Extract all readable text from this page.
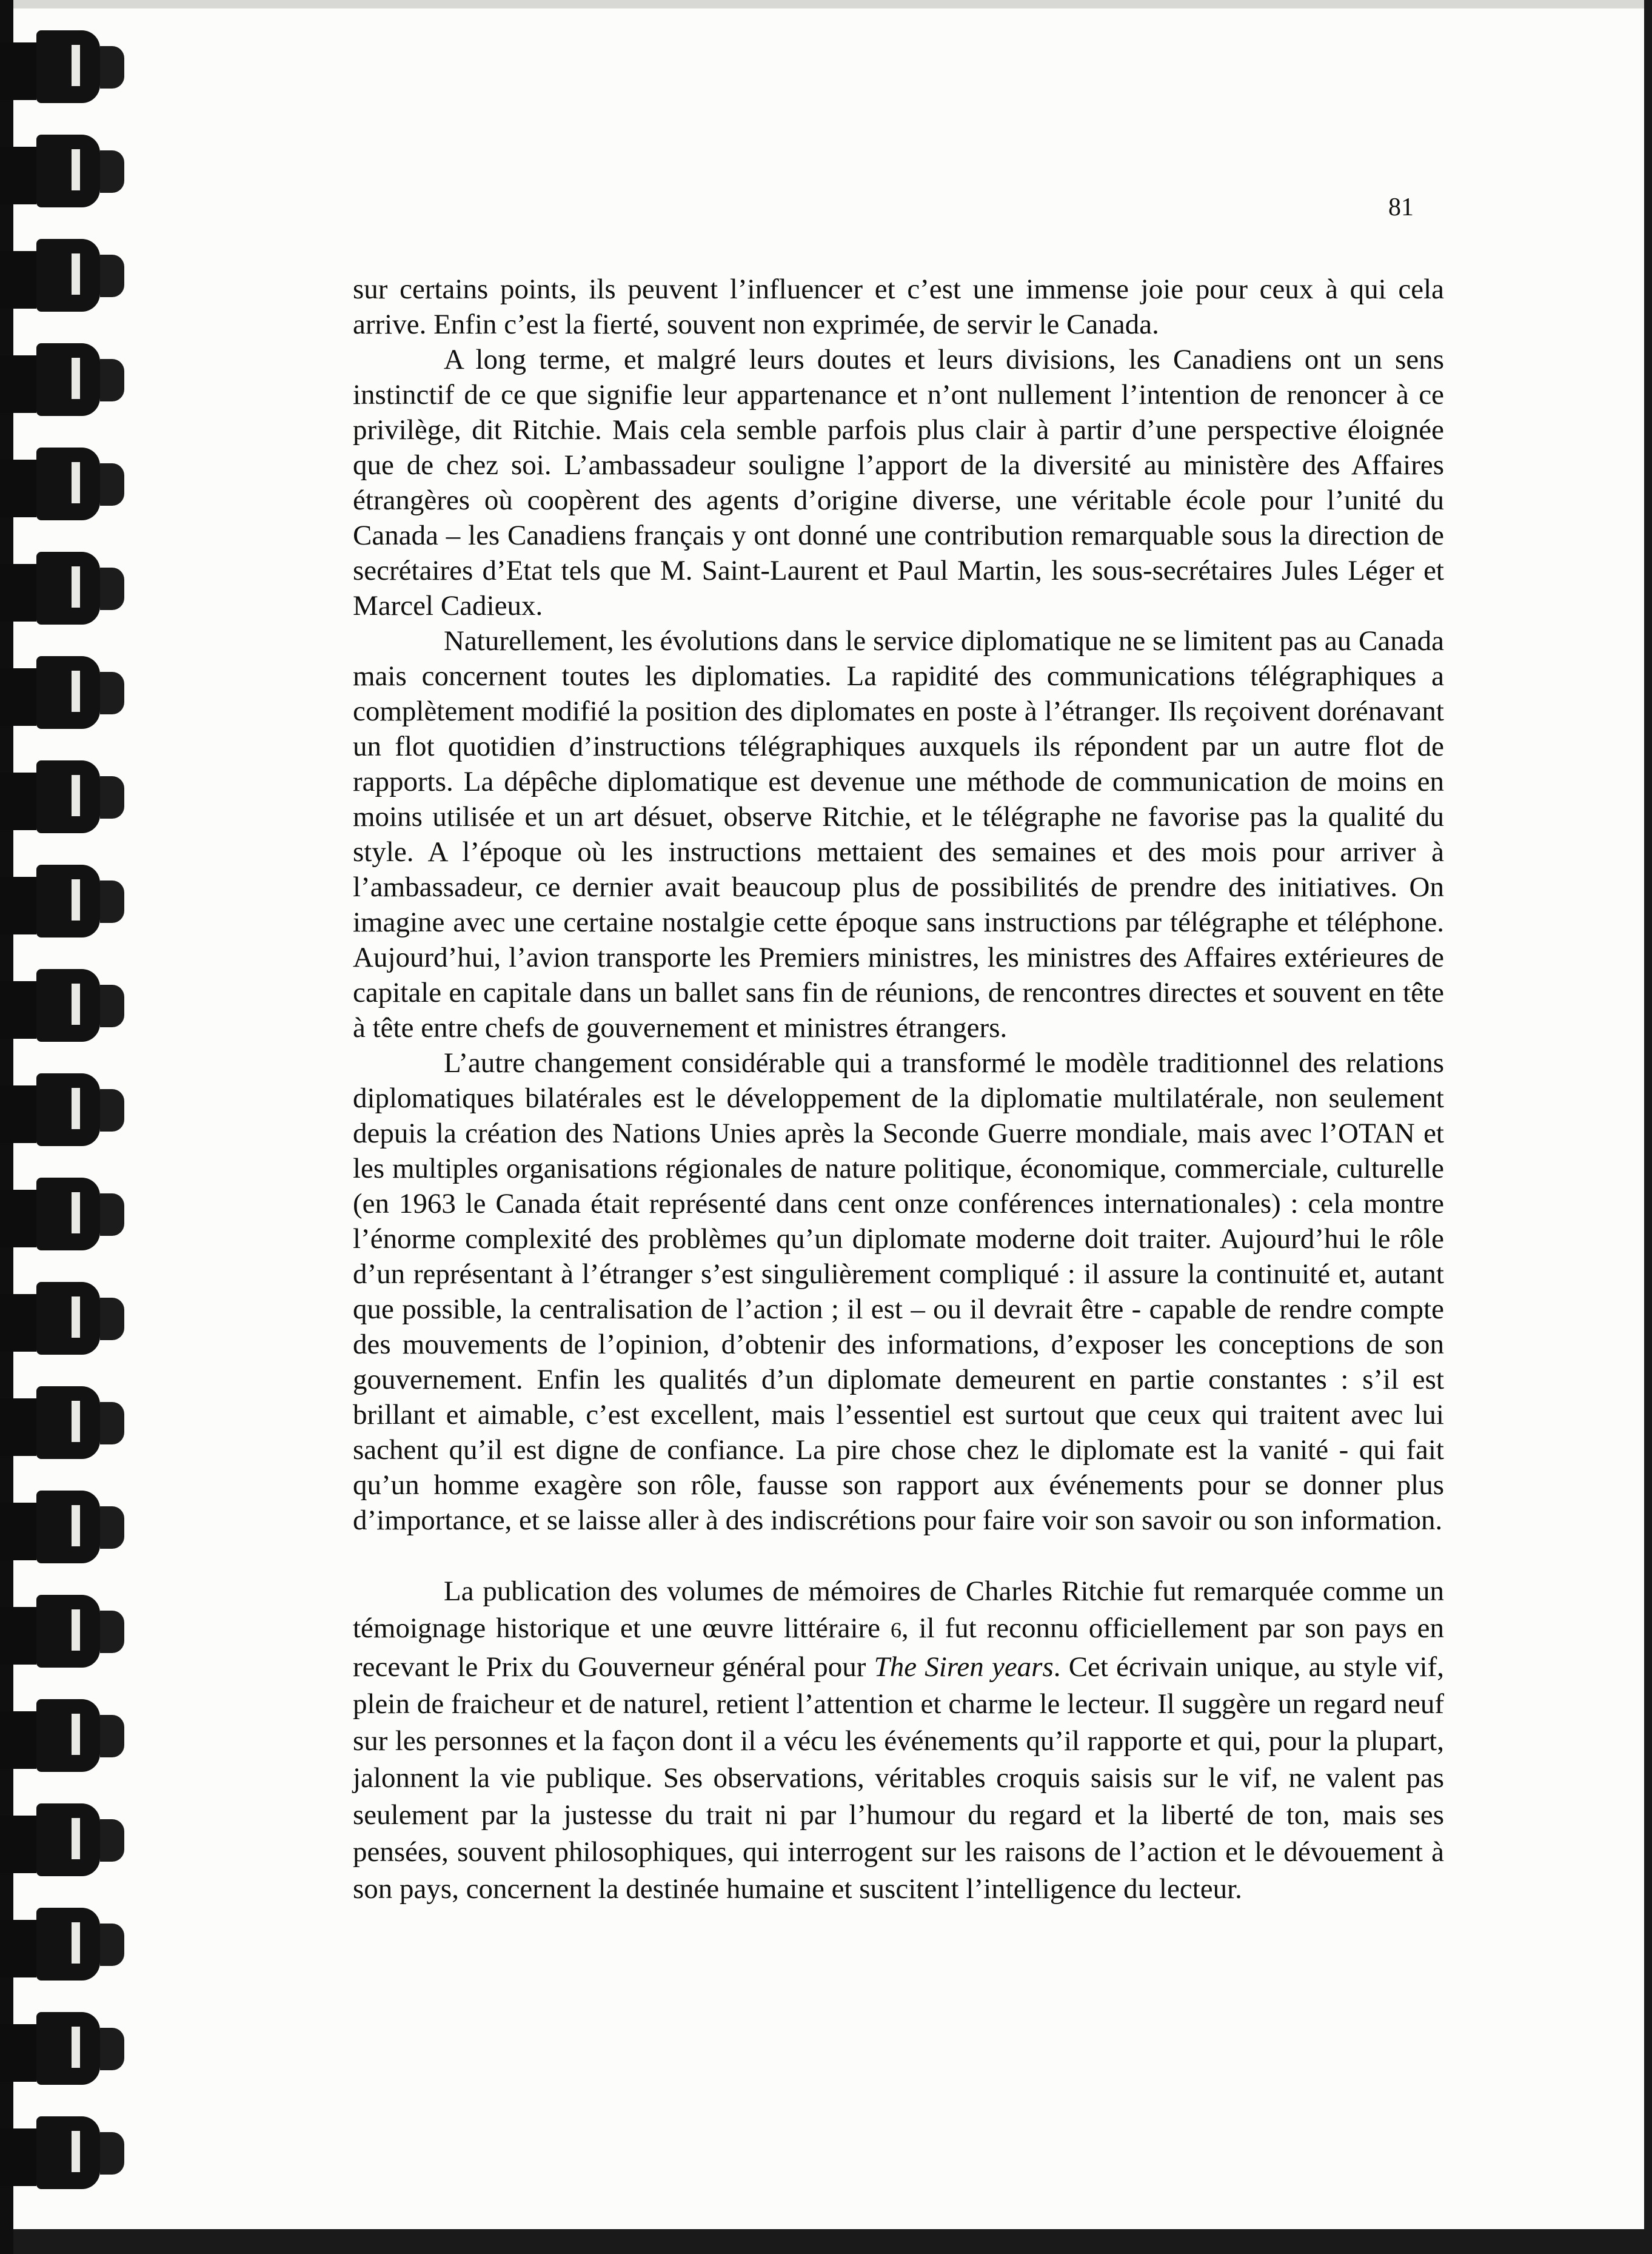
81

sur certains points, ils peuvent l’influencer et c’est une immense joie pour ceux à qui cela arrive. Enfin c’est la fierté, souvent non exprimée, de servir le Canada.

A long terme, et malgré leurs doutes et leurs divisions, les Canadiens ont un sens instinctif de ce que signifie leur appartenance et n’ont nullement l’intention de renoncer à ce privilège, dit Ritchie. Mais cela semble parfois plus clair à partir d’une perspective éloignée que de chez soi. L’ambassadeur souligne l’apport de la diversité au ministère des Affaires étrangères où coopèrent des agents d’origine diverse, une véritable école pour l’unité du Canada – les Canadiens français y ont donné une contribution remarquable sous la direction de secrétaires d’Etat tels que M. Saint-Laurent et Paul Martin, les sous-secrétaires Jules Léger et Marcel Cadieux.

Naturellement, les évolutions dans le service diplomatique ne se limitent pas au Canada mais concernent toutes les diplomaties. La rapidité des communications télégraphiques a complètement modifié la position des diplomates en poste à l’étranger. Ils reçoivent dorénavant un flot quotidien d’instructions télégraphiques auxquels ils répondent par un autre flot de rapports. La dépêche diplomatique est devenue une méthode de communication de moins en moins utilisée et un art désuet, observe Ritchie, et le télégraphe ne favorise pas la qualité du style. A l’époque où les instructions mettaient des semaines et des mois pour arriver à l’ambassadeur, ce dernier avait beaucoup plus de possibilités de prendre des initiatives. On imagine avec une certaine nostalgie cette époque sans instructions par télégraphe et téléphone. Aujourd’hui, l’avion transporte les Premiers ministres, les ministres des Affaires extérieures de capitale en capitale dans un ballet sans fin de réunions, de rencontres directes et souvent en tête à tête entre chefs de gouvernement et ministres étrangers.

L’autre changement considérable qui a transformé le modèle traditionnel des relations diplomatiques bilatérales est le développement de la diplomatie multilatérale, non seulement depuis la création des Nations Unies après la Seconde Guerre mondiale, mais avec l’OTAN et les multiples organisations régionales de nature politique, économique, commerciale, culturelle (en 1963 le Canada était représenté dans cent onze conférences internationales) : cela montre l’énorme complexité des problèmes qu’un diplomate moderne doit traiter. Aujourd’hui le rôle d’un représentant à l’étranger s’est singulièrement compliqué : il assure la continuité et, autant que possible, la centralisation de l’action ; il est – ou il devrait être - capable de rendre compte des mouvements de l’opinion, d’obtenir des informations, d’exposer les conceptions de son gouvernement. Enfin les qualités d’un diplomate demeurent en partie constantes : s’il est brillant et aimable, c’est excellent, mais l’essentiel est surtout que ceux qui traitent avec lui sachent qu’il est digne de confiance. La pire chose chez le diplomate est la vanité - qui fait qu’un homme exagère son rôle, fausse son rapport aux événements pour se donner plus d’importance, et se laisse aller à des indiscrétions pour faire voir son savoir ou son information.

La publication des volumes de mémoires de Charles Ritchie fut remarquée comme un témoignage historique et une œuvre littéraire 6, il fut reconnu officiellement par son pays en recevant le Prix du Gouverneur général pour The Siren years. Cet écrivain unique, au style vif, plein de fraicheur et de naturel, retient l’attention et charme le lecteur. Il suggère un regard neuf sur les personnes et la façon dont il a vécu les événements qu’il rapporte et qui, pour la plupart, jalonnent la vie publique. Ses observations, véritables croquis saisis sur le vif, ne valent pas seulement par la justesse du trait ni par l’humour du regard et la liberté de ton, mais ses pensées, souvent philosophiques, qui interrogent sur les raisons de l’action et le dévouement à son pays, concernent la destinée humaine et suscitent l’intelligence du lecteur.
